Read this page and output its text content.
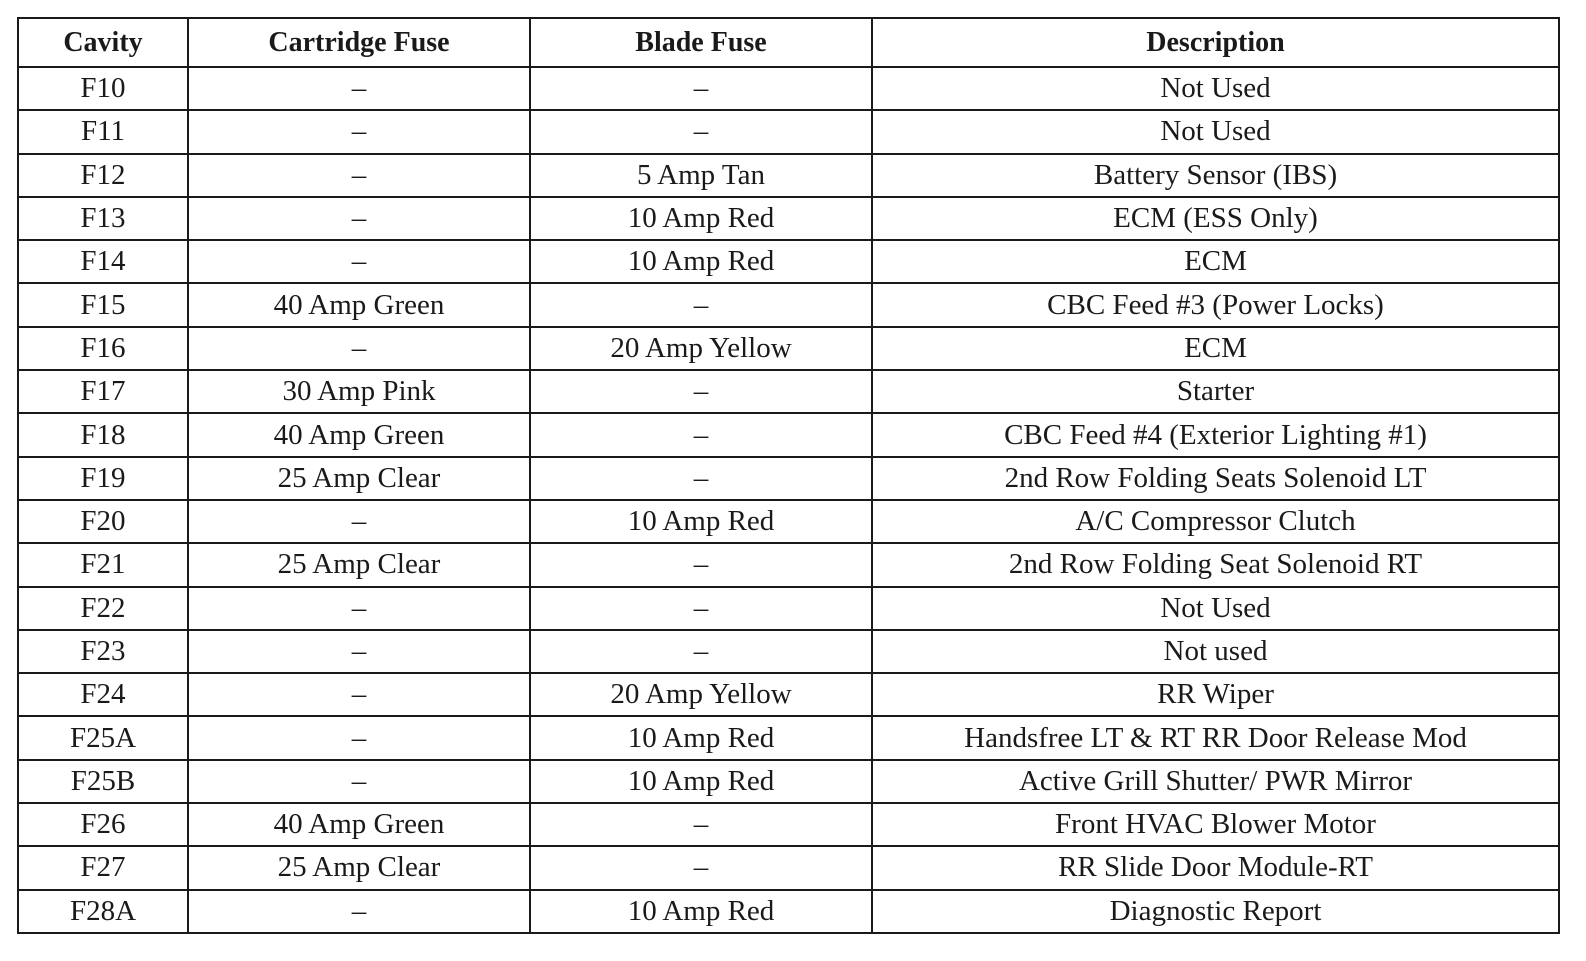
Cavity	Cartridge Fuse	Blade Fuse	Description
F10	–	–	Not Used
F11	–	–	Not Used
F12	–	5 Amp Tan	Battery Sensor (IBS)
F13	–	10 Amp Red	ECM (ESS Only)
F14	–	10 Amp Red	ECM
F15	40 Amp Green	–	CBC Feed #3 (Power Locks)
F16	–	20 Amp Yellow	ECM
F17	30 Amp Pink	–	Starter
F18	40 Amp Green	–	CBC Feed #4 (Exterior Lighting #1)
F19	25 Amp Clear	–	2nd Row Folding Seats Solenoid LT
F20	–	10 Amp Red	A/C Compressor Clutch
F21	25 Amp Clear	–	2nd Row Folding Seat Solenoid RT
F22	–	–	Not Used
F23	–	–	Not used
F24	–	20 Amp Yellow	RR Wiper
F25A	–	10 Amp Red	Handsfree LT & RT RR Door Release Mod
F25B	–	10 Amp Red	Active Grill Shutter/ PWR Mirror
F26	40 Amp Green	–	Front HVAC Blower Motor
F27	25 Amp Clear	–	RR Slide Door Module-RT
F28A	–	10 Amp Red	Diagnostic Report
